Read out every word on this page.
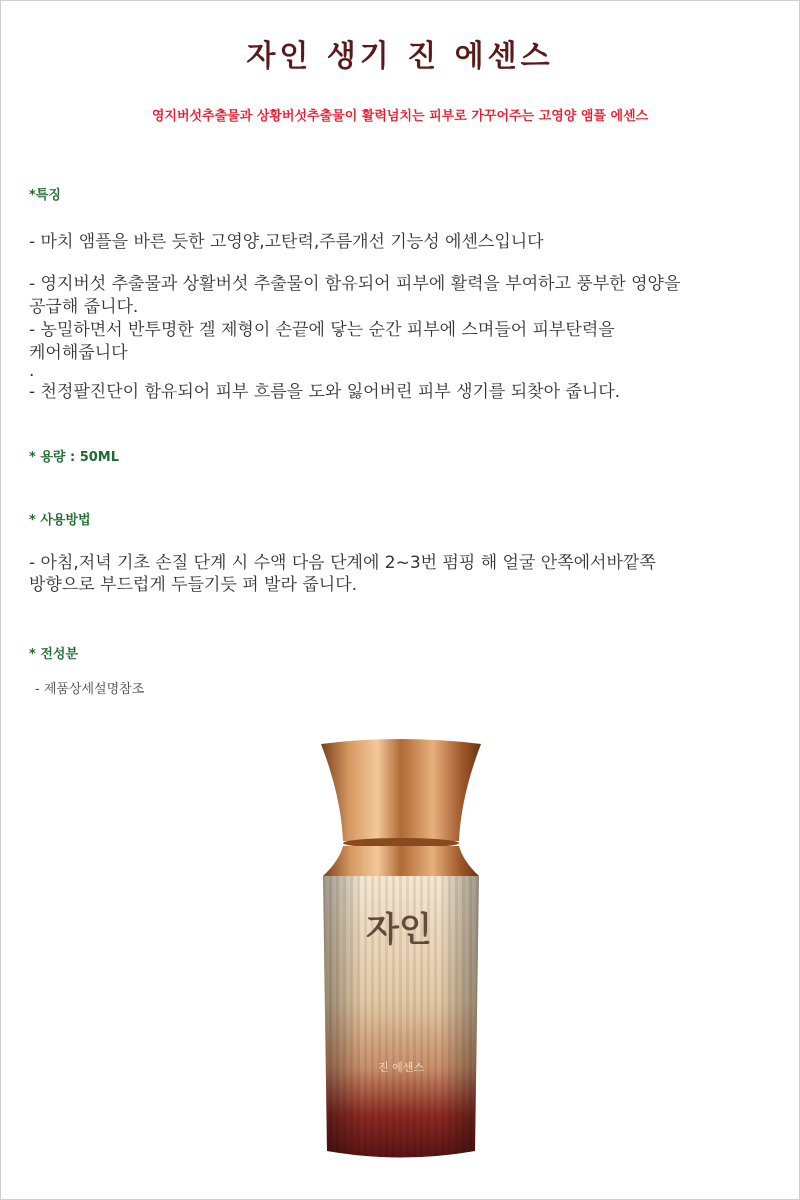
자인 생기 진 에센스
영지버섯추출물과 상황버섯추출물이 활력넘치는 피부로 가꾸어주는 고영양 앰플 에센스
*특징
- 마치 앰플을 바른 듯한 고영양,고탄력,주름개선 기능성 에센스입니다
- 영지버섯 추출물과 상활버섯 추출물이 함유되어 피부에 활력을 부여하고 풍부한 영양을
공급해 줍니다.
- 농밀하면서 반투명한 겔 제형이 손끝에 닿는 순간 피부에 스며들어 피부탄력을
케어해줍니다
.
- 천정팔진단이 함유되어 피부 흐름을 도와 잃어버린 피부 생기를 되찾아 줍니다.
* 용량 : 50ML
* 사용방법
- 아침,저녁 기초 손질 단계 시 수액 다음 단계에 2~3번 펌핑 해 얼굴 안쪽에서바깥쪽
방향으로 부드럽게 두들기듯 펴 발라 줍니다.
* 전성분
- 제품상세설명참조
자인
진 에센스
